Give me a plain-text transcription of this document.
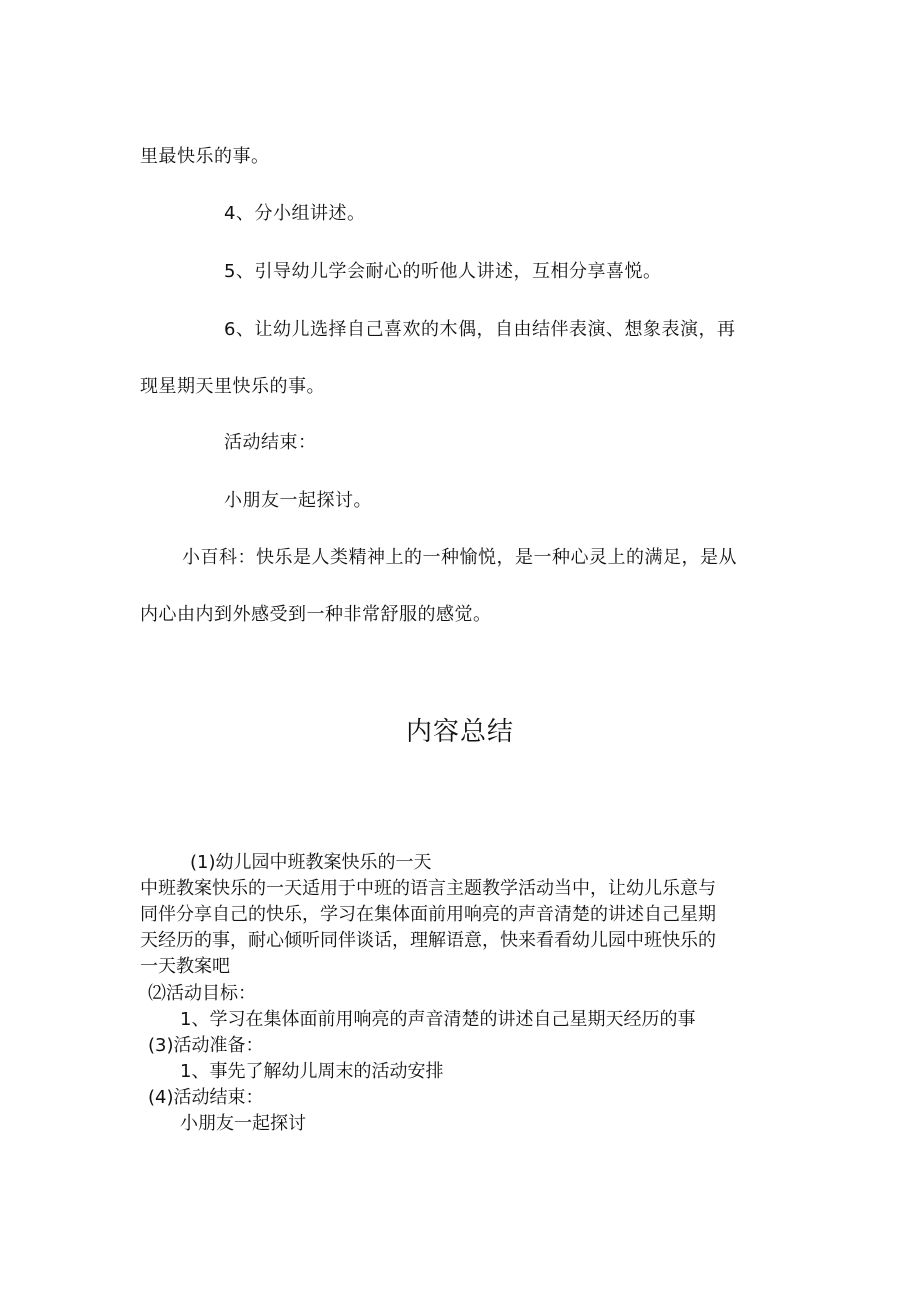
里最快乐的事。
4、分小组讲述。
5、引导幼儿学会耐心的听他人讲述，互相分享喜悦。
6、让幼儿选择自己喜欢的木偶，自由结伴表演、想象表演，再
现星期天里快乐的事。
活动结束：
小朋友一起探讨。
小百科：快乐是人类精神上的一种愉悦，是一种心灵上的满足，是从
内心由内到外感受到一种非常舒服的感觉。
内容总结
(1)幼儿园中班教案快乐的一天
中班教案快乐的一天适用于中班的语言主题教学活动当中，让幼儿乐意与
同伴分享自己的快乐，学习在集体面前用响亮的声音清楚的讲述自己星期
天经历的事，耐心倾听同伴谈话，理解语意，快来看看幼儿园中班快乐的
一天教案吧
⑵活动目标：
1、学习在集体面前用响亮的声音清楚的讲述自己星期天经历的事
(3)活动准备：
1、事先了解幼儿周末的活动安排
(4)活动结束：
小朋友一起探讨
